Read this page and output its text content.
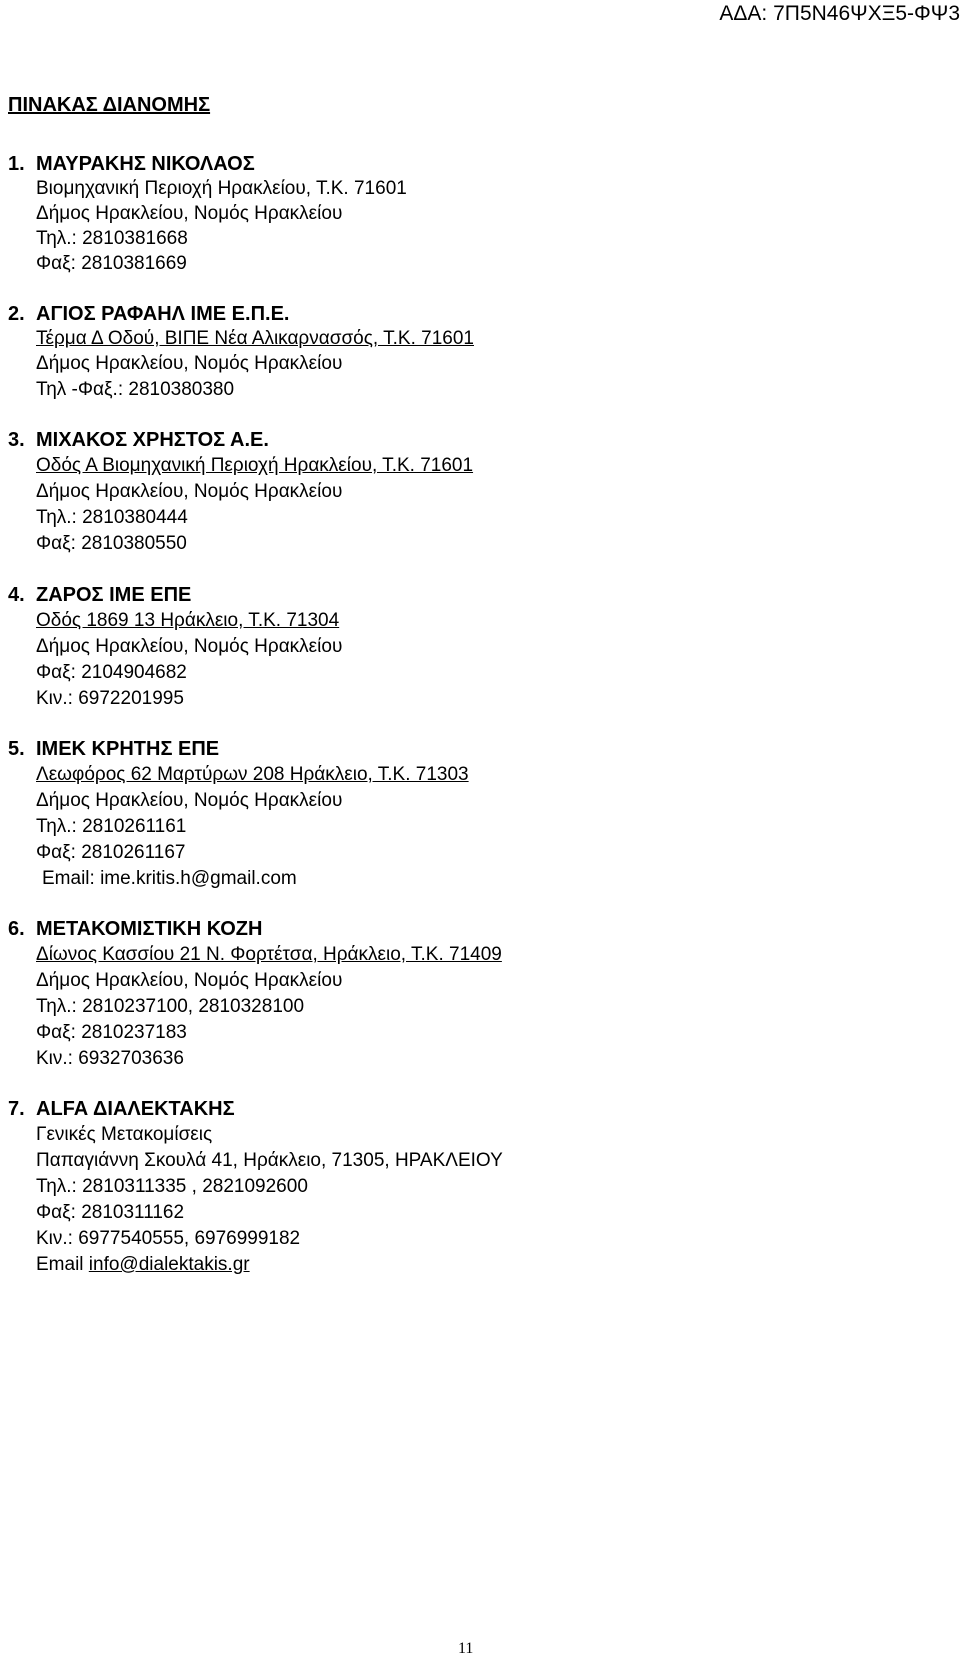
ΑΔΑ: 7Π5Ν46ΨΧΞ5-ΦΨ3
ΠΙΝΑΚΑΣ ΔΙΑΝΟΜΗΣ
1. ΜΑΥΡΑΚΗΣ ΝΙΚΟΛΑΟΣ
Βιομηχανική Περιοχή Ηρακλείου, Τ.Κ. 71601
Δήμος Ηρακλείου, Νομός Ηρακλείου
Τηλ.: 2810381668
Φαξ: 2810381669
2. ΑΓΙΟΣ ΡΑΦΑΗΛ ΙΜΕ Ε.Π.Ε.
Τέρμα Δ Οδού, ΒΙΠΕ Νέα Αλικαρνασσός, Τ.Κ. 71601
Δήμος Ηρακλείου, Νομός Ηρακλείου
Τηλ -Φαξ.: 2810380380
3. ΜΙΧΑΚΟΣ ΧΡΗΣΤΟΣ Α.Ε.
Οδός Α Βιομηχανική Περιοχή Ηρακλείου, Τ.Κ. 71601
Δήμος Ηρακλείου, Νομός Ηρακλείου
Τηλ.: 2810380444
Φαξ: 2810380550
4. ΖΑΡΟΣ ΙΜΕ ΕΠΕ
Οδός 1869 13 Ηράκλειο, Τ.Κ. 71304
Δήμος Ηρακλείου, Νομός Ηρακλείου
Φαξ: 2104904682
Κιν.: 6972201995
5. ΙΜΕΚ ΚΡΗΤΗΣ ΕΠΕ
Λεωφόρος 62 Μαρτύρων 208 Ηράκλειο, Τ.Κ. 71303
Δήμος Ηρακλείου, Νομός Ηρακλείου
Τηλ.: 2810261161
Φαξ: 2810261167
Email: ime.kritis.h@gmail.com
6. ΜΕΤΑΚΟΜΙΣΤΙΚΗ ΚΟΖΗ
Δίωνος Κασσίου 21 Ν. Φορτέτσα, Ηράκλειο, Τ.Κ. 71409
Δήμος Ηρακλείου, Νομός Ηρακλείου
Τηλ.: 2810237100, 2810328100
Φαξ: 2810237183
Κιν.: 6932703636
7. ALFA ΔΙΑΛΕΚΤΑΚΗΣ
Γενικές Μετακομίσεις
Παπαγιάννη Σκουλά 41, Ηράκλειο, 71305, ΗΡΑΚΛΕΙΟΥ
Τηλ.: 2810311335 , 2821092600
Φαξ: 2810311162
Κιν.: 6977540555, 6976999182
Email info@dialektakis.gr
11
